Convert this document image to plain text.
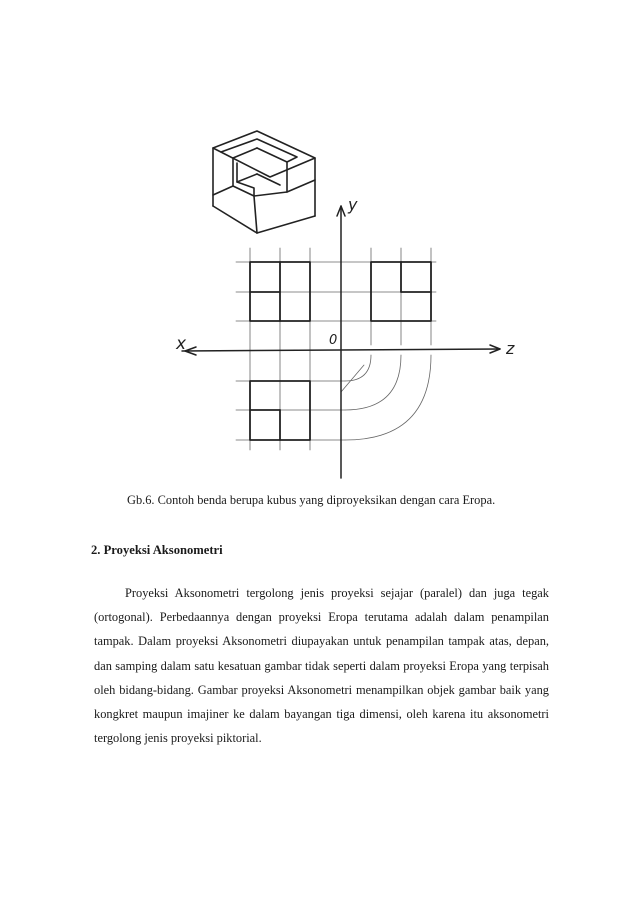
y
x	z
0
Gb.6. Contoh benda berupa kubus yang diproyeksikan dengan cara Eropa.
2. Proyeksi Aksonometri

Proyeksi Aksonometri tergolong jenis proyeksi sejajar (paralel) dan juga tegak (ortogonal). Perbedaannya dengan proyeksi Eropa terutama adalah dalam penampilan tampak. Dalam proyeksi Aksonometri diupayakan untuk penampilan tampak atas, depan, dan samping dalam satu kesatuan gambar tidak seperti dalam proyeksi Eropa yang terpisah oleh bidang-bidang. Gambar proyeksi Aksonometri menampilkan objek gambar baik yang kongkret maupun imajiner ke dalam bayangan tiga dimensi, oleh karena itu aksonometri tergolong jenis proyeksi piktorial.
